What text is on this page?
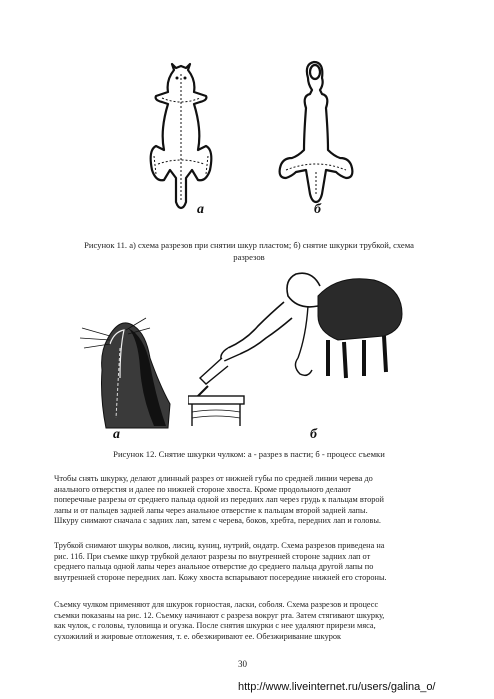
а	б
Рисунок 11. а) схема разрезов при снятии шкур пластом; б) снятие шкурки трубкой, схема
разрезов
а	б
Рисунок 12. Снятие шкурки чулком: а - разрез в пасти; б - процесс съемки
Чтобы снять шкурку, делают длинный разрез от нижней губы по средней линии черева до
анального отверстия и далее по нижней стороне хвоста. Кроме продольного делают
поперечные разрезы от среднего пальца одной из передних лап через грудь к пальцам второй
лапы и от пальцев задней лапы через анальное отверстие к пальцам второй задней лапы.
Шкуру снимают сначала с задних лап, затем с черева, боков, хребта, передних лап и головы.
Трубкой снимают шкуры волков, лисиц, куниц, нутрий, ондатр. Схема разрезов приведена на
рис. 11б. При съемке шкур трубкой делают разрезы по внутренней стороне задних лап от
среднего пальца одной лапы через анальное отверстие до среднего пальца другой лапы по
внутренней стороне передних лап. Кожу хвоста вспарывают посередине нижней его стороны.
Съемку чулком применяют для шкурок горностая, ласки, соболя. Схема разрезов и процесс
съемки показаны на рис. 12. Съемку начинают с разреза вокруг рта. Затем стягивают шкурку,
как чулок, с головы, туловища и огузка. После снятия шкурки с нее удаляют прирези мяса,
сухожилий и жировые отложения, т. е. обезжиривают ее. Обезжиривание шкурок
30
http://www.liveinternet.ru/users/galina_o/
